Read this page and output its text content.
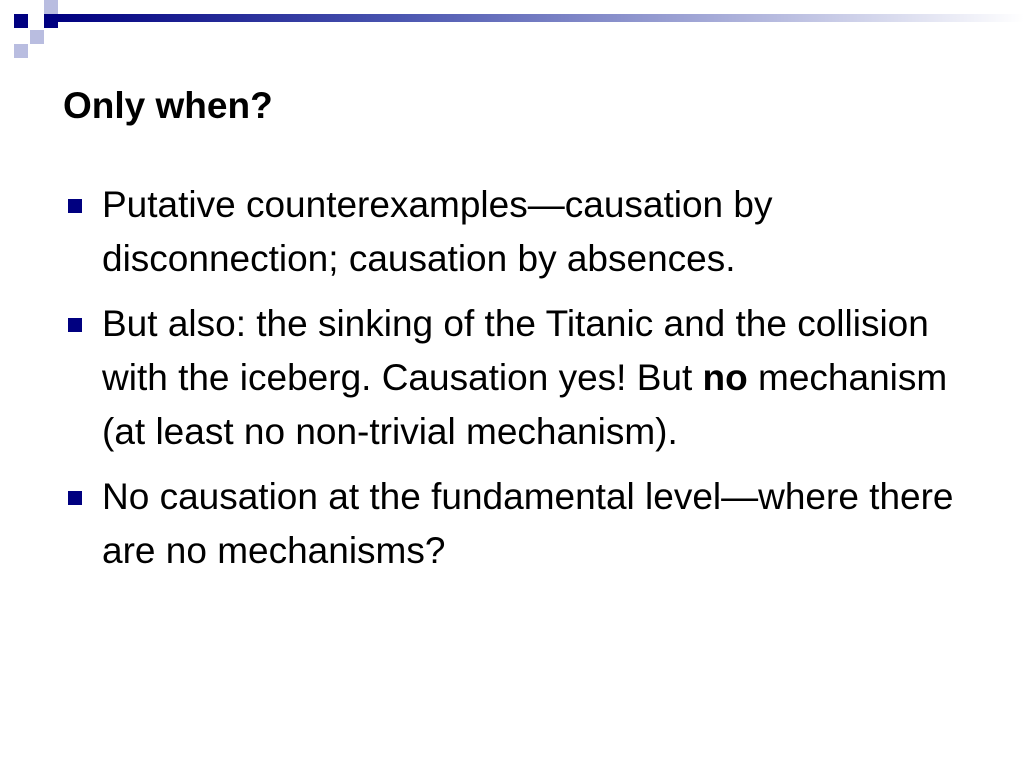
Only when?
Putative counterexamples—causation by disconnection; causation by absences.
But also: the sinking of the Titanic and the collision with the iceberg. Causation yes! But no mechanism (at least no non-trivial mechanism).
No causation at the fundamental level—where there are no mechanisms?
